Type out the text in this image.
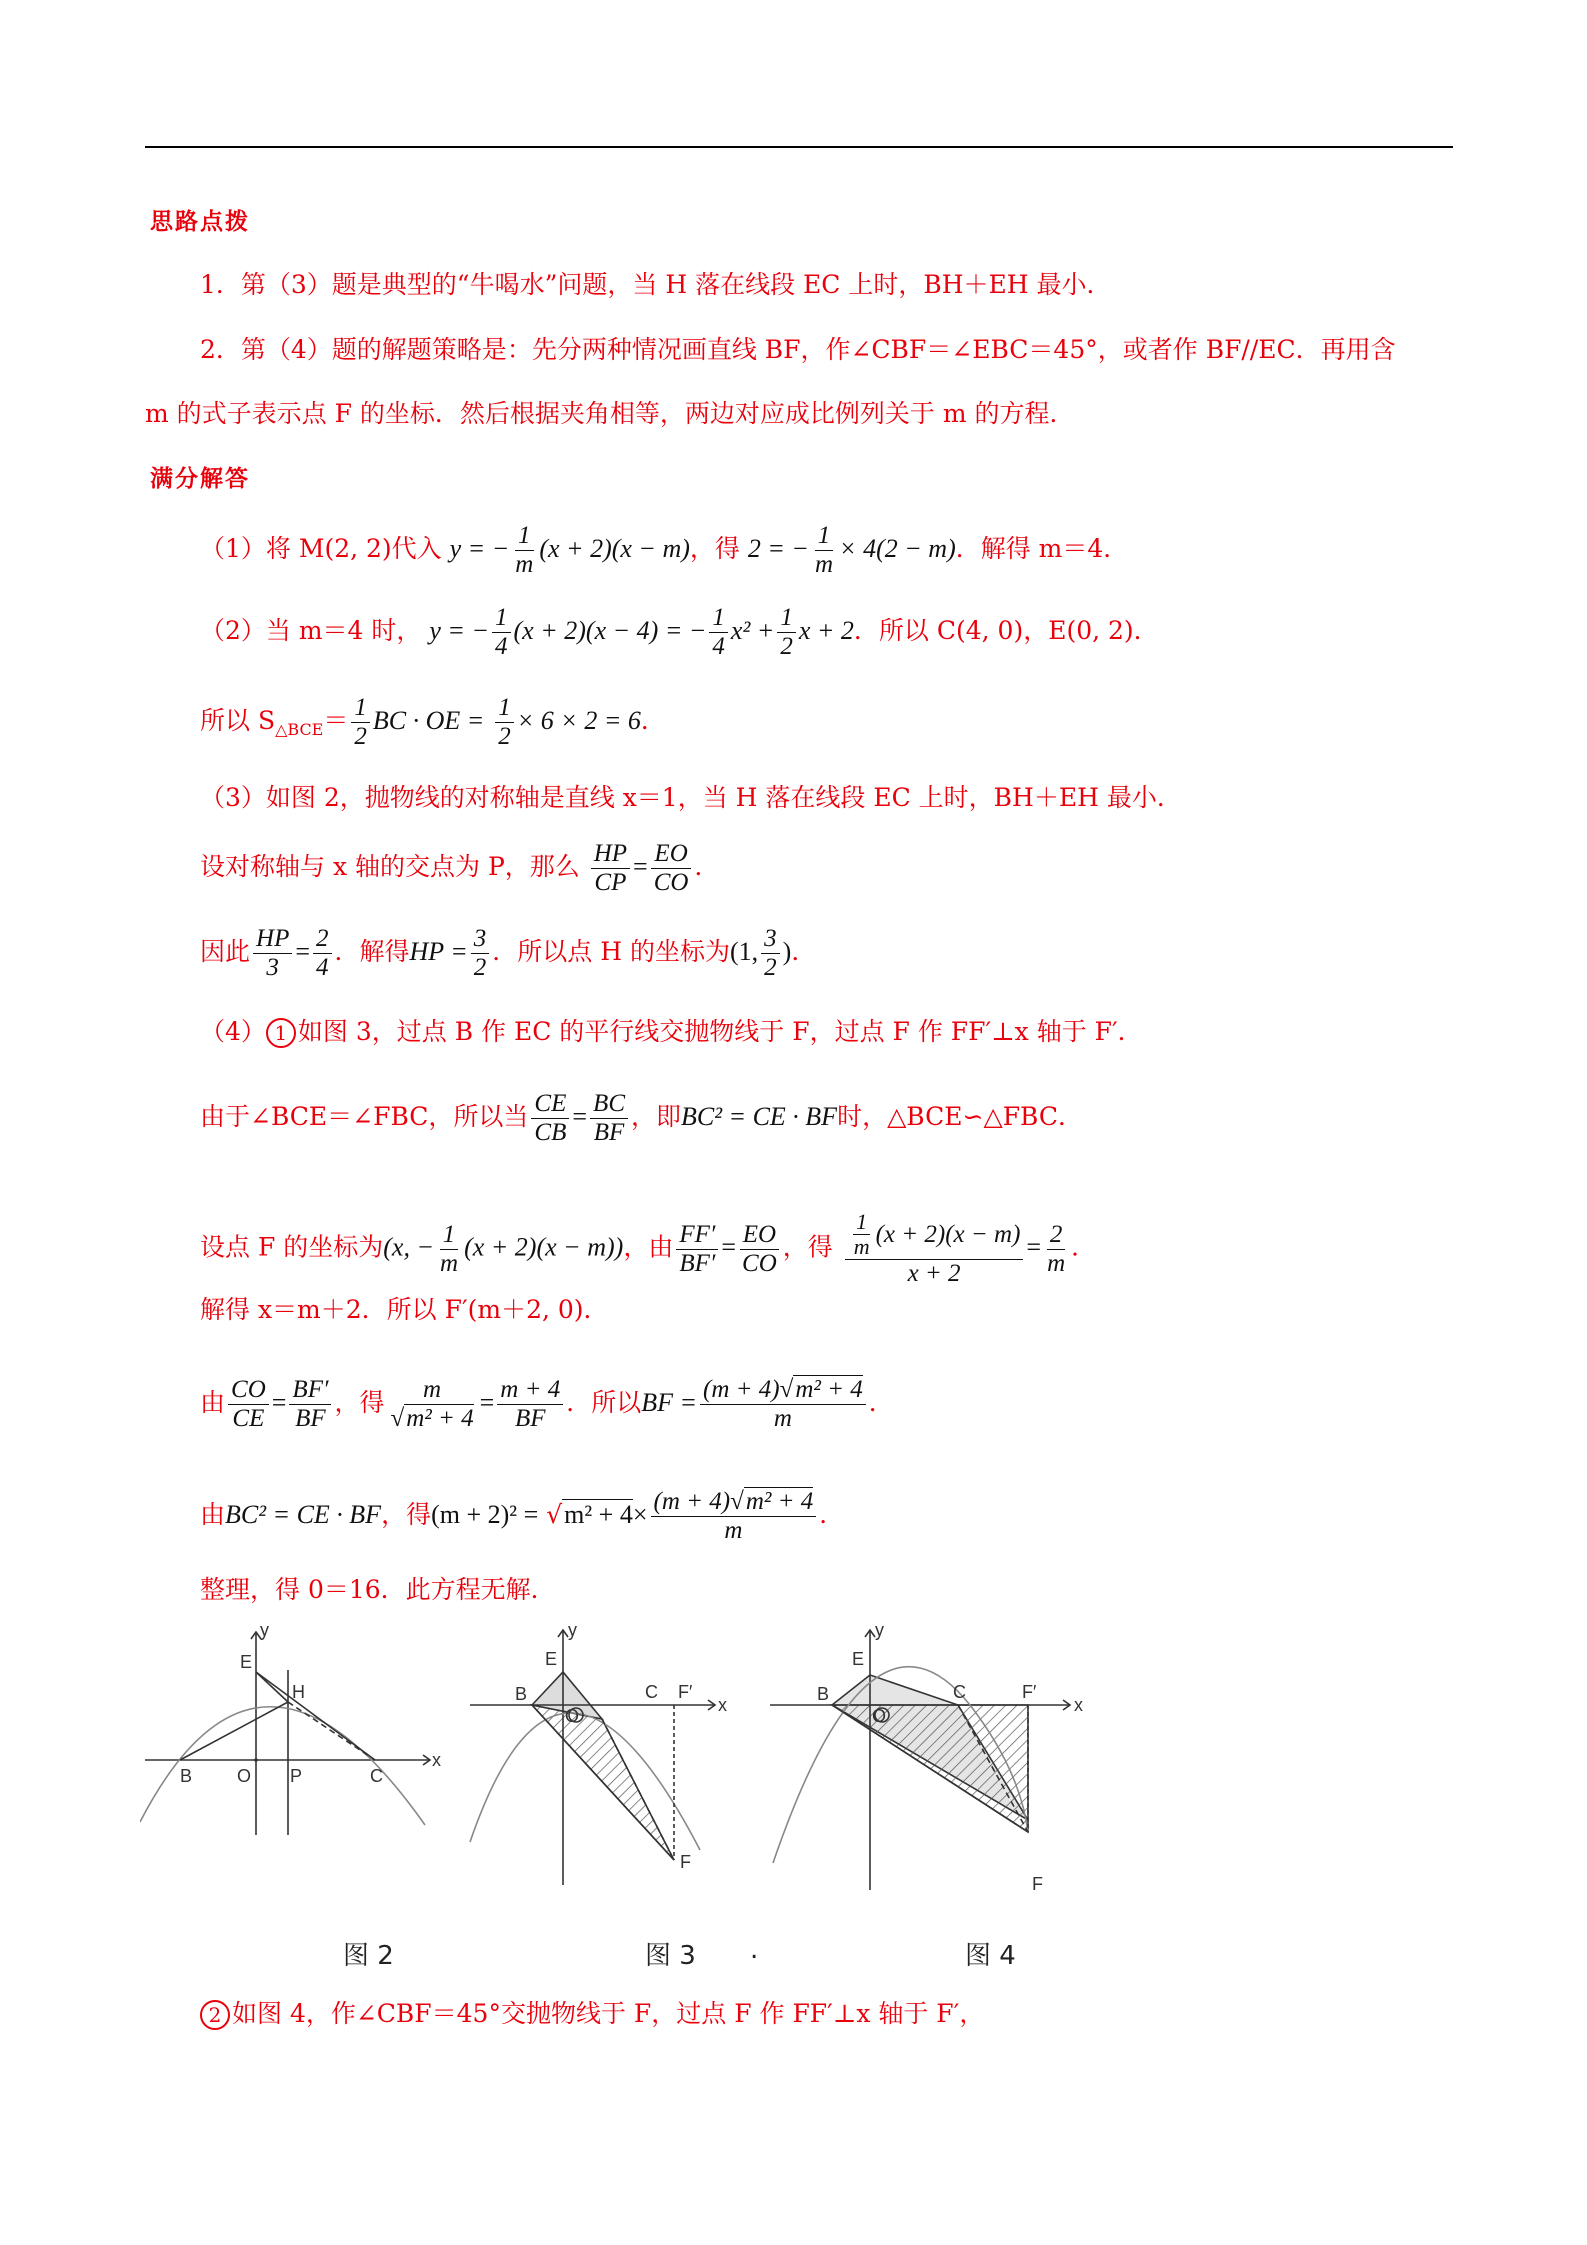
思路点拨
1．第（3）题是典型的“牛喝水”问题，当 H 落在线段 EC 上时，BH＋EH 最小．
2．第（4）题的解题策略是：先分两种情况画直线 BF，作∠CBF＝∠EBC＝45°，或者作 BF//EC．再用含
m 的式子表示点 F 的坐标．然后根据夹角相等，两边对应成比例列关于 m 的方程．
满分解答
（1）将 M(2, 2)代入 y = − $\frac{1}{m} (x + 2)(x - m)$，得 2 = − $\frac{1}{m} \times 4(2 - m)$．解得 m＝4．
（2）当 m＝4 时， y = − $\frac{1}{4} (x + 2)(x - 4)$ = − $\frac{1}{4} x^2 + \frac{1}{2}$ x + 2．所以 C(4, 0)，E(0, 2)．
所以 $S_{\triangle BCE}= \frac{1}{2}$ BC · OE = $\frac{1}{2} \times 6 \times 2 = 6$．
（3）如图 2，抛物线的对称轴是直线 x＝1，当 H 落在线段 EC 上时，BH＋EH 最小．
设对称轴与 x 轴的交点为 P，那么 $\frac{HP}{CP} = \frac{EO}{CO}$ ．
因此 $\frac{HP}{3} = \frac{2}{4}$ ．解得HP = $\frac{3}{2}$ ．所以点 H 的坐标为(1, $\frac{3}{2}$ )．
（4） 1 如图 3，过点 B 作 EC 的平行线交抛物线于 F，过点 F 作 FF′⊥x 轴于 F′．
由于∠BCE＝∠FBC，所以当 $\frac{CE}{CB} = \frac{BC}{BF}$ ，即BC² = CE · BF时，△BCE∽△FBC．
设点 F 的坐标为(x, − $\frac{1}{m} (x + 2)(x - m)$)，由 $\frac{FF'}{BF'} = \frac{EO}{CO}$ ，得 $\frac{\frac{1}{m} (x + 2)(x - m)}{x + 2} = \frac{2}{m}$ ．
解得 x＝m＋2．所以 F′(m＋2, 0)．
由 $\frac{CO}{CE} = \frac{BF'}{BF}$ ，得 $\frac{m}{\text{√m² + 4}} = \frac{m + 4}{BF}$ ．所以BF = $\frac{\text{(m + 4)√m² + 4}}{m}$ ．
由BC² = CE · BF，得$(m + 2)^2 = √m^2 + 4\times \frac{\text{(m + 4)√m² + 4}}{m}$ ．
整理，得 0＝16．此方程无解．
y
x
E
H
B O P	C
y
x
E
B
O
C F′
F
y
x
E
B
O
C	F′
F
图 2	图 3 .	图 4
2 如图 4，作∠CBF＝45°交抛物线于 F，过点 F 作 FF′⊥x 轴于 F′，
